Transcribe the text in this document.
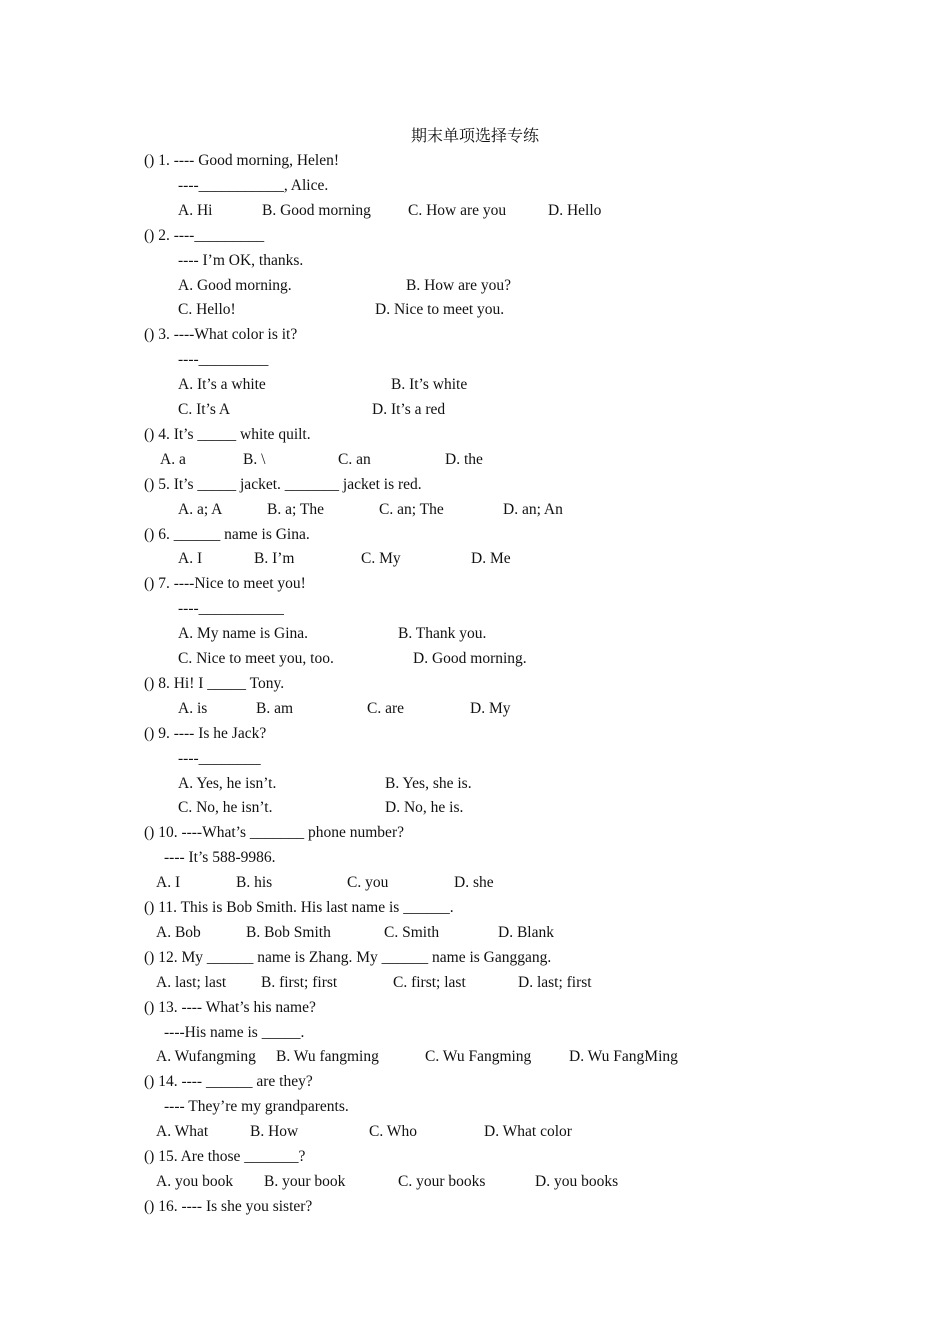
期末单项选择专练
() 1. ---- Good morning, Helen!
----___________, Alice.
A. Hi	B. Good morning C. How are you	D. Hello
() 2. ----_________
---- I’m OK, thanks.
A. Good morning.	B. How are you?
C. Hello!	D. Nice to meet you.
() 3. ----What color is it?
----_________
A. It’s a white	B. It’s white
C. It’s A	D. It’s a red
() 4. It’s _____ white quilt.
A. a	B. \	C. an	D. the
() 5. It’s _____ jacket. _______ jacket is red.
A. a; A	B. a; The	C. an; The	D. an; An
() 6. ______ name is Gina.
A. I	B. I’m	C. My	D. Me
() 7. ----Nice to meet you!
----___________
A. My name is Gina.	B. Thank you.
C. Nice to meet you, too.	D. Good morning.
() 8. Hi! I _____ Tony.
A. is	B. am	C. are	D. My
() 9. ---- Is he Jack?
----________
A. Yes, he isn’t.	B. Yes, she is.
C. No, he isn’t.	D. No, he is.
() 10. ----What’s _______ phone number?
---- It’s 588-9986.
A. I	B. his	C. you	D. she
() 11. This is Bob Smith. His last name is ______.
A. Bob	B. Bob Smith	C. Smith	D. Blank
() 12. My ______ name is Zhang. My ______ name is Ganggang.
A. last; last B. first; first	C. first; last	D. last; first
() 13. ---- What’s his name?
----His name is _____.
A. Wufangming B. Wu fangming	C. Wu Fangming D. Wu FangMing
() 14. ---- ______ are they?
---- They’re my grandparents.
A. What	B. How	C. Who	D. What color
() 15. Are those _______?
A. you book B. your book	C. your books	D. you books
() 16. ---- Is she you sister?
